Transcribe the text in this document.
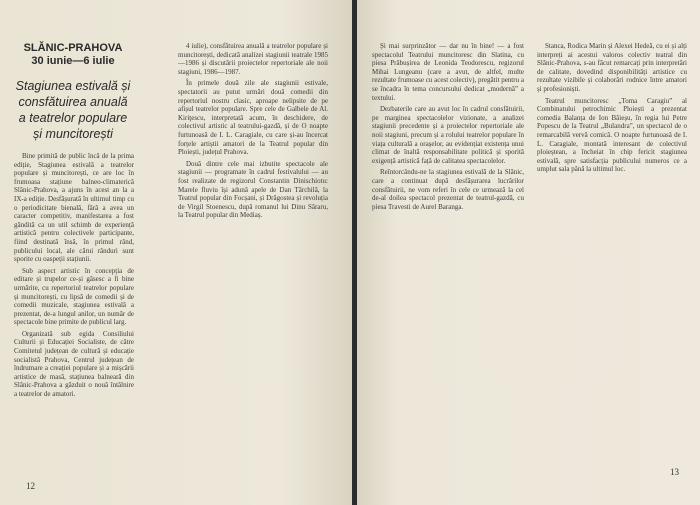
SLĂNIC-PRAHOVA
30 iunie—6 iulie
Stagiunea estivală și consfătuirea anuală a teatrelor populare și muncitorești

Bine primită de public încă de la prima ediție, Stagiunea estivală a teatrelor populare și muncitorești, ce are loc în frumoasa stațiune balneo-climaterică Slănic-Prahova, a ajuns în acest an la a IX-a ediție. Desfășurată în ultimul timp cu o periodicitate bienală, fără a avea un caracter competitiv, manifestarea a fost gândită ca un util schimb de experiență artistică pentru colectivele participante, fiind destinată însă, în primul rând, publicului local, ale cărui rânduri sunt sporite cu oaspeții stațiunii.

Sub aspect artistic în concepția de editare și trupelor ce-și găsesc a fi bine urmărite, cu repertoriul teatrelor populare și muncitorești, cu lipsă de comedii și de comedii muzicale, stagiunea estivală a prezentat, de-a lungul anilor, un număr de spectacole bine primite de publicul larg.

Organizată sub egida Consiliului Culturii și Educației Socialiste, de către Comitetul județean de cultură și educație socialistă Prahova, Centrul județean de îndrumare a creației populare și a mișcării artistice de masă, stațiunea balneară din Slănic-Prahova a găzduit o nouă întâlnire a teatrelor de amatori.

4 iulie), consfătuirea anuală a teatrelor populare și muncitorești, dedicată analizei stagiunii teatrale 1985—1986 și discutării proiectelor repertoriale ale noii stagiuni, 1986—1987.

În primele două zile ale stagiunii estivale, spectatorii au putut urmări două comedii din repertoriul nostru clasic, aproape nelipsite de pe afișul teatrelor populare. Spre cele de Galbele de Al. Kiriţescu, interpretată acum, în deschidere, de colectivul artistic al teatrului-gazdă, și de O noapte furtunoasă de I. L. Caragiale, cu care și-au încercat forțele artiștii amatori de la Teatrul popular din Ploiești, județul Prahova.

Două dintre cele mai izbutite spectacole ale stagiunii — programate în cadrul festivalului — au fost realizate de regizorul Constantin Dinischiotu: Marele fluviu își adună apele de Dan Tărchilă, la Teatrul popular din Focșani, și Drăgostea și revoluția de Virgil Stoenescu, după romanul lui Dinu Săraru, la Teatrul popular din Mediaș.

12

Și mai surprinzător — dar nu în bine! — a fost spectacolul Teatrului muncitoresc din Slatina, cu piesa Prăbușirea de Leonida Teodorescu, regizorul Mihai Lungeanu (care a avut, de altfel, multe rezultate frumoase cu acest colectiv), pregătit pentru a se încadra în tema concursului dedicat „modernă” a textului.

Dezbaterile care au avut loc în cadrul consfătuirii, pe marginea spectacolelor vizionate, a analizei stagiunii precedente și a proiectelor repertoriale ale noii stagiuni, precum și a rolului teatrelor populare în viața culturală a orașelor, au evidențiat existența unui climat de înaltă responsabilitate politică și sporită exigență artistică față de calitatea spectacolelor.

Reîntorcându-ne la stagiunea estivală de la Slănic, care a continuat după desfășurarea lucrărilor consfătuirii, ne vom referi în cele ce urmează la cel de-al doilea spectacol prezentat de teatrul-gazdă, cu piesa Travesti de Aurel Baranga.

Stanca, Rodica Marin și Alexei Hedeă, cu ei și alți interpreți ai acestui valoros colectiv teatral din Slănic-Prahova, s-au făcut remarcați prin interpretări de calitate, dovedind disponibilități artistice cu rezultate vizibile și colaborări rodnice între amatori și profesioniști.

Teatrul muncitoresc „Toma Caragiu” al Combinatului petrochimic Ploiești a prezentat comedia Balanța de Ion Băieșu, în regia lui Petre Popescu de la Teatrul „Bulandra”, un spectacol de o remarcabilă vervă comică. O noapte furtunoasă de I. L. Caragiale, montată interesant de colectivul ploieștean, a încheiat în chip fericit stagiunea estivală, spre satisfacția publicului numeros ce a umplut sala până la ultimul loc.

13
